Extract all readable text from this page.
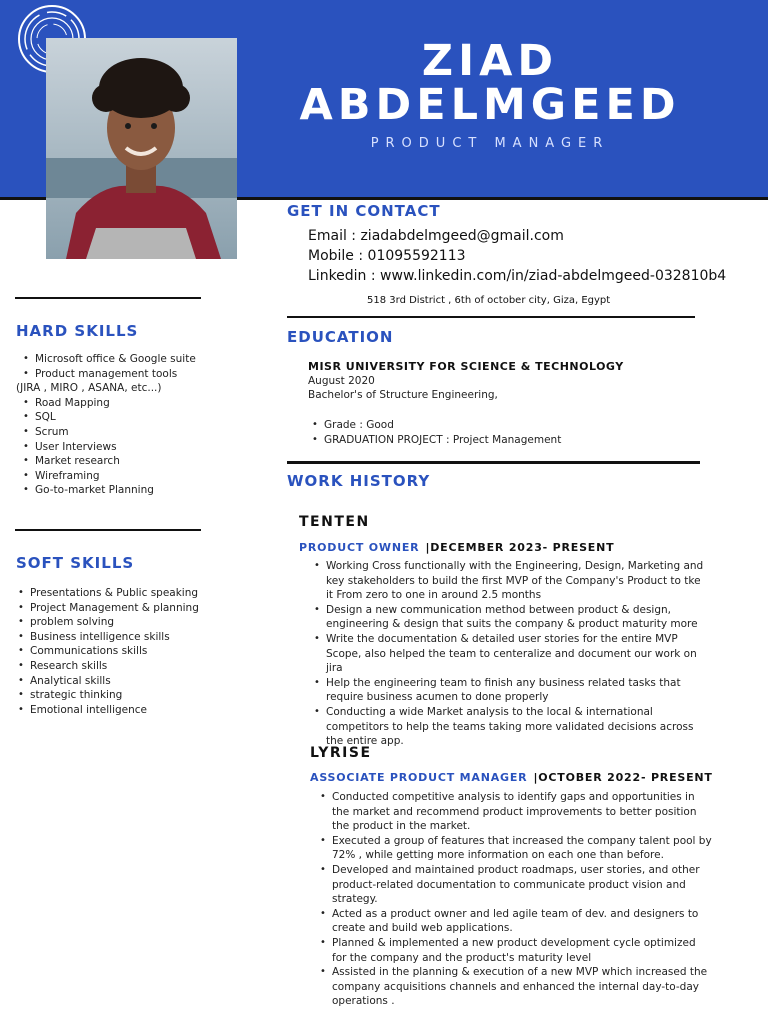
ZIAD
ABDELMGEED
PRODUCT MANAGER
GET IN CONTACT
Email : ziadabdelmgeed@gmail.com
Mobile : 01095592113
Linkedin : www.linkedin.com/in/ziad-abdelmgeed-032810b4
518 3rd District , 6th of october city, Giza, Egypt
HARD SKILLS
• Microsoft office & Google suite
• Product management tools
(JIRA , MIRO , ASANA, etc...)
• Road Mapping
• SQL
• Scrum
• User Interviews
• Market research
• Wireframing
• Go-to-market Planning
SOFT SKILLS
• Presentations & Public speaking
• Project Management & planning
• problem solving
• Business intelligence skills
• Communications skills
• Research skills
• Analytical skills
• strategic thinking
• Emotional intelligence
EDUCATION
MISR UNIVERSITY FOR SCIENCE & TECHNOLOGY
August 2020
Bachelor's of Structure Engineering,
• Grade : Good
• GRADUATION PROJECT : Project Management
WORK HISTORY
TENTEN
PRODUCT OWNER |DECEMBER 2023- PRESENT
• Working Cross functionally with the Engineering, Design, Marketing and key stakeholders to build the first MVP of the Company's Product to tke it From zero to one in around 2.5 months
• Design a new communication method between product & design, engineering & design that suits the company & product maturity more
• Write the documentation & detailed user stories for the entire MVP Scope, also helped the team to centeralize and document our work on jira
• Help the engineering team to finish any business related tasks that require business acumen to done properly
• Conducting a wide Market analysis to the local & international competitors to help the teams taking more validated decisions across the entire app.
LYRISE
ASSOCIATE PRODUCT MANAGER |OCTOBER 2022- PRESENT
• Conducted competitive analysis to identify gaps and opportunities in the market and recommend product improvements to better position the product in the market.
• Executed a group of features that increased the company talent pool by 72% , while getting more information on each one than before.
• Developed and maintained product roadmaps, user stories, and other product-related documentation to communicate product vision and strategy.
• Acted as a product owner and led agile team of dev. and designers to create and build web applications.
• Planned & implemented a new product development cycle optimized for the company and the product's maturity level
• Assisted in the planning & execution of a new MVP which increased the company acquisitions channels and enhanced the internal day-to-day operations .
